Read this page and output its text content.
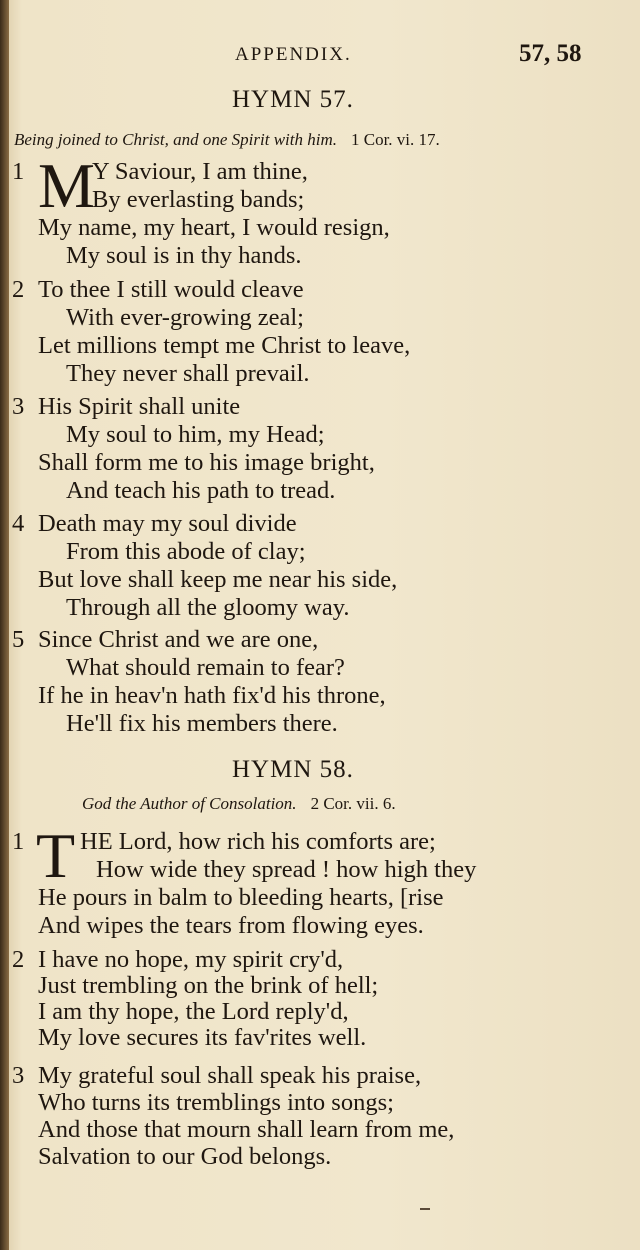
APPENDIX.	57, 58
HYMN 57.
Being joined to Christ, and one Spirit with him. 1 Cor. vi. 17.
1 M
Y Saviour, I am thine,
By everlasting bands;
My name, my heart, I would resign,
My soul is in thy hands.
2 To thee I still would cleave
With ever-growing zeal;
Let millions tempt me Christ to leave,
They never shall prevail.
3 His Spirit shall unite
My soul to him, my Head;
Shall form me to his image bright,
And teach his path to tread.
4 Death may my soul divide
From this abode of clay;
But love shall keep me near his side,
Through all the gloomy way.
5 Since Christ and we are one,
What should remain to fear?
If he in heav'n hath fix'd his throne,
He'll fix his members there.
HYMN 58.
God the Author of Consolation. 2 Cor. vii. 6.
1 T HE Lord, how rich his comforts are;
How wide they spread ! how high they
He pours in balm to bleeding hearts, [rise
And wipes the tears from flowing eyes.
2 I have no hope, my spirit cry'd,
Just trembling on the brink of hell;
I am thy hope, the Lord reply'd,
My love secures its fav'rites well.
3 My grateful soul shall speak his praise,
Who turns its tremblings into songs;
And those that mourn shall learn from me,
Salvation to our God belongs.
